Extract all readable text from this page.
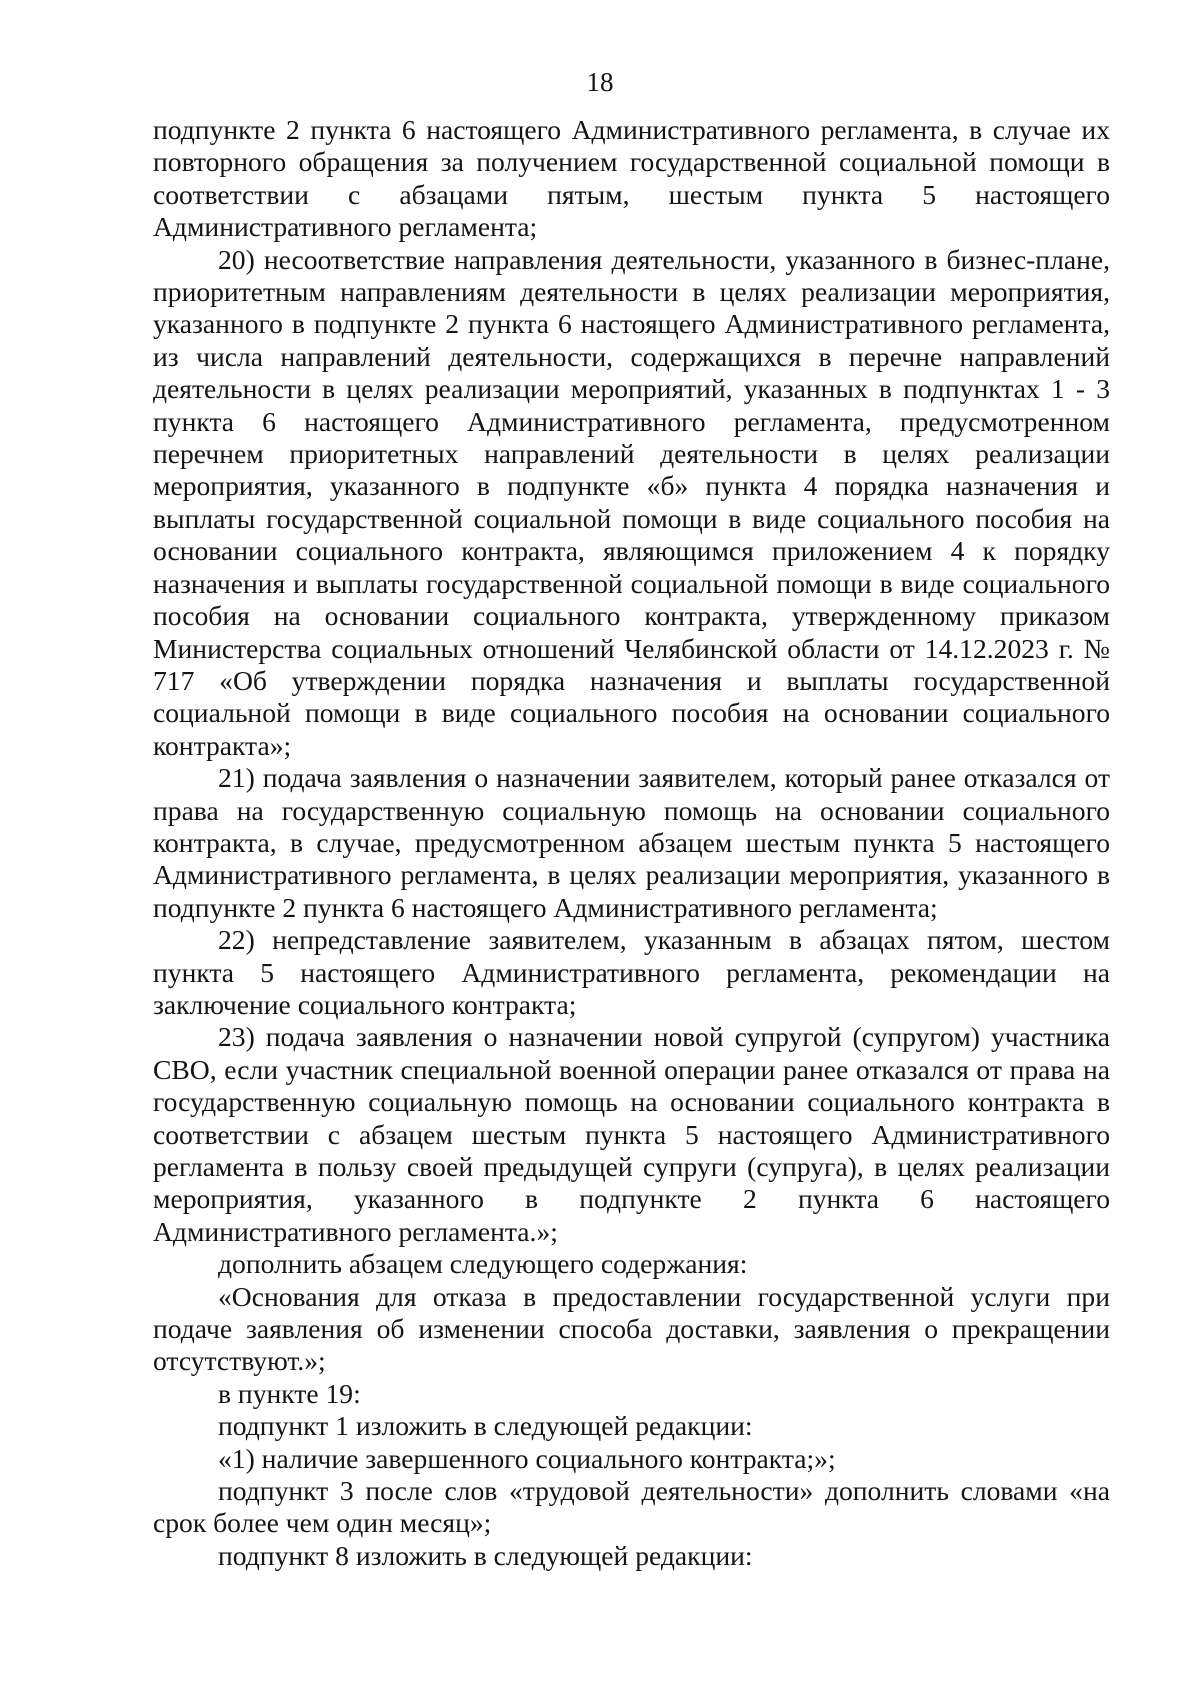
18

подпункте 2 пункта 6 настоящего Административного регламента, в случае их повторного обращения за получением государственной социальной помощи в соответствии с абзацами пятым, шестым пункта 5 настоящего Административного регламента;

20) несоответствие направления деятельности, указанного в бизнес-плане, приоритетным направлениям деятельности в целях реализации мероприятия, указанного в подпункте 2 пункта 6 настоящего Административного регламента, из числа направлений деятельности, содержащихся в перечне направлений деятельности в целях реализации мероприятий, указанных в подпунктах 1 - 3 пункта 6 настоящего Административного регламента, предусмотренном перечнем приоритетных направлений деятельности в целях реализации мероприятия, указанного в подпункте «б» пункта 4 порядка назначения и выплаты государственной социальной помощи в виде социального пособия на основании социального контракта, являющимся приложением 4 к порядку назначения и выплаты государственной социальной помощи в виде социального пособия на основании социального контракта, утвержденному приказом Министерства социальных отношений Челябинской области от 14.12.2023 г. № 717 «Об утверждении порядка назначения и выплаты государственной социальной помощи в виде социального пособия на основании социального контракта»;

21) подача заявления о назначении заявителем, который ранее отказался от права на государственную социальную помощь на основании социального контракта, в случае, предусмотренном абзацем шестым пункта 5 настоящего Административного регламента, в целях реализации мероприятия, указанного в подпункте 2 пункта 6 настоящего Административного регламента;

22) непредставление заявителем, указанным в абзацах пятом, шестом пункта 5 настоящего Административного регламента, рекомендации на заключение социального контракта;

23) подача заявления о назначении новой супругой (супругом) участника СВО, если участник специальной военной операции ранее отказался от права на государственную социальную помощь на основании социального контракта в соответствии с абзацем шестым пункта 5 настоящего Административного регламента в пользу своей предыдущей супруги (супруга), в целях реализации мероприятия, указанного в подпункте 2 пункта 6 настоящего Административного регламента.»;

дополнить абзацем следующего содержания:

«Основания для отказа в предоставлении государственной услуги при подаче заявления об изменении способа доставки, заявления о прекращении отсутствуют.»;

в пункте 19:

подпункт 1 изложить в следующей редакции:

«1) наличие завершенного социального контракта;»;

подпункт 3 после слов «трудовой деятельности» дополнить словами «на срок более чем один месяц»;

подпункт 8 изложить в следующей редакции:
